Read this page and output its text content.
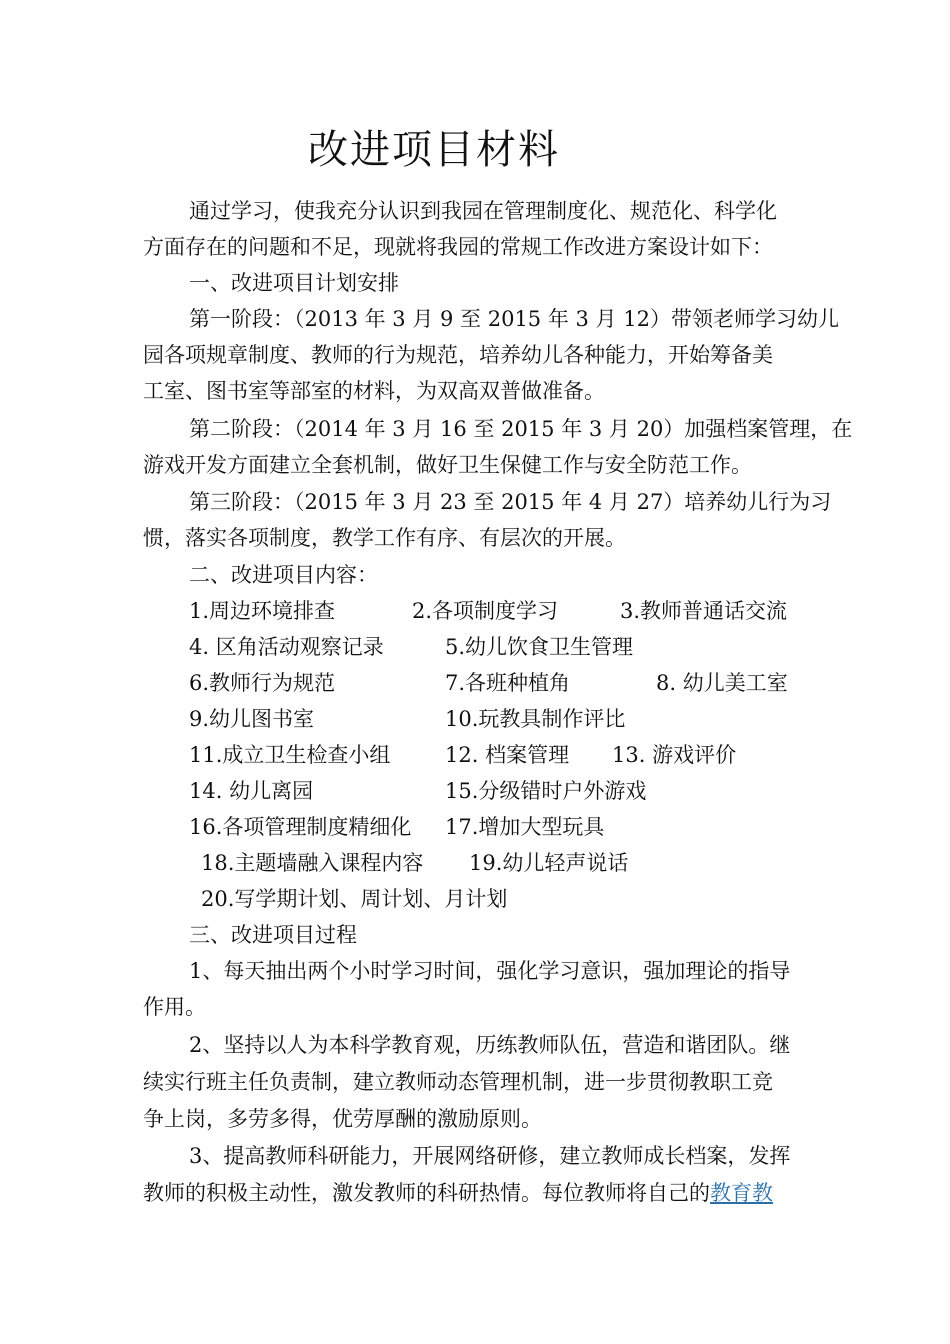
改进项目材料
通过学习，使我充分认识到我园在管理制度化、规范化、科学化
方面存在的问题和不足，现就将我园的常规工作改进方案设计如下：
一、改进项目计划安排
第一阶段：（2013 年 3 月 9 至 2015 年 3 月 12）带领老师学习幼儿
园各项规章制度、教师的行为规范，培养幼儿各种能力，开始筹备美
工室、图书室等部室的材料，为双高双普做准备。
第二阶段：（2014 年 3 月 16 至 2015 年 3 月 20）加强档案管理，在
游戏开发方面建立全套机制，做好卫生保健工作与安全防范工作。
第三阶段：（2015 年 3 月 23 至 2015 年 4 月 27）培养幼儿行为习
惯，落实各项制度，教学工作有序、有层次的开展。
二、改进项目内容：
1.周边环境排查	2.各项制度学习	3.教师普通话交流
4. 区角活动观察记录	5.幼儿饮食卫生管理
6.教师行为规范	7.各班种植角	8. 幼儿美工室
9.幼儿图书室	10.玩教具制作评比
11.成立卫生检查小组	12. 档案管理 13. 游戏评价
14. 幼儿离园	15.分级错时户外游戏
16.各项管理制度精细化 17.增加大型玩具
18.主题墙融入课程内容 19.幼儿轻声说话
20.写学期计划、周计划、月计划
三、改进项目过程
1、每天抽出两个小时学习时间，强化学习意识，强加理论的指导
作用。
2、坚持以人为本科学教育观，历练教师队伍，营造和谐团队。继
续实行班主任负责制，建立教师动态管理机制，进一步贯彻教职工竞
争上岗，多劳多得，优劳厚酬的激励原则。
3、提高教师科研能力，开展网络研修，建立教师成长档案，发挥
教师的积极主动性，激发教师的科研热情。每位教师将自己的教育教
